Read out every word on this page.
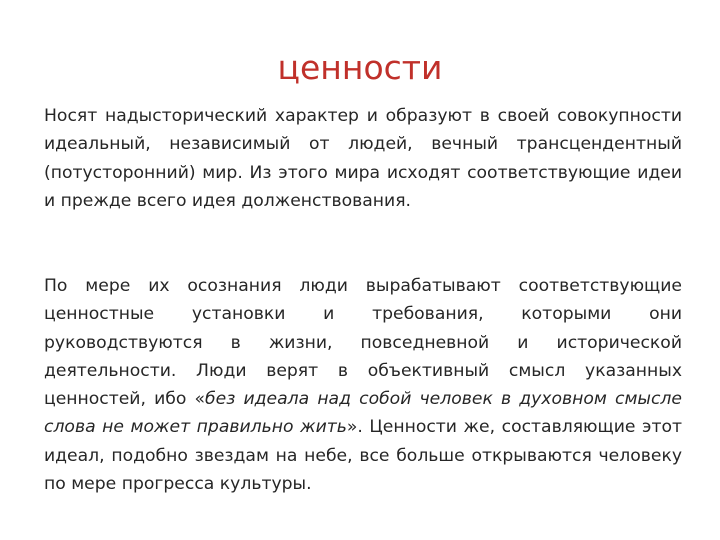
ценности

Носят надысторический характер и образуют в своей совокупности идеальный, независимый от людей, вечный трансцендентный (потусторонний) мир. Из этого мира исходят соответствующие идеи и прежде всего идея долженствования.

По мере их осознания люди вырабатывают соответствующие ценностные установки и требования, которыми они руководствуются в жизни, повседневной и исторической деятельности. Люди верят в объективный смысл указанных ценностей, ибо «без идеала над собой человек в духовном смысле слова не может правильно жить». Ценности же, составляющие этот идеал, подобно звездам на небе, все больше открываются человеку по мере прогресса культуры.
